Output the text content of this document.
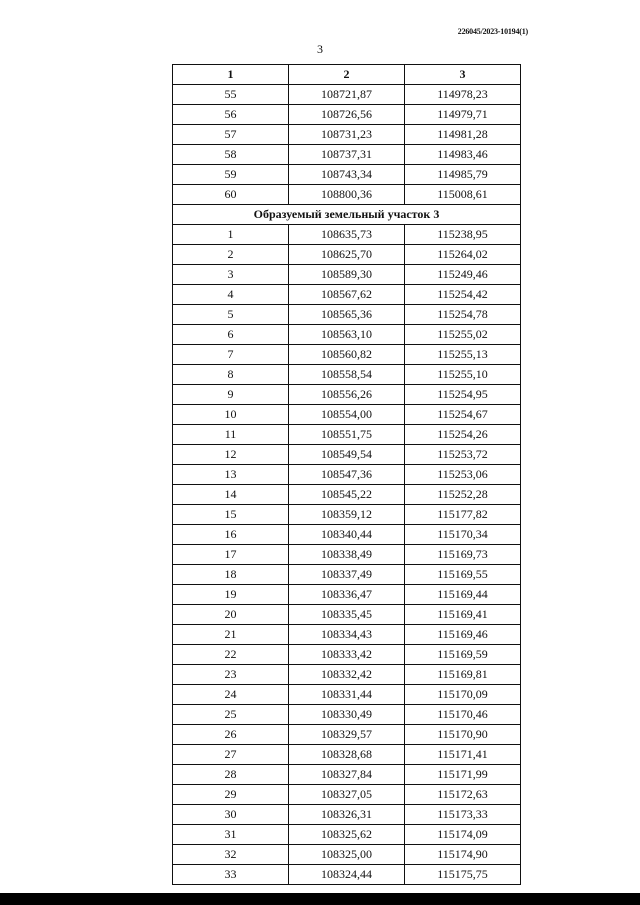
226045/2023-10194(1)
3
1	2	3
55	108721,87	114978,23
56	108726,56	114979,71
57	108731,23	114981,28
58	108737,31	114983,46
59	108743,34	114985,79
60	108800,36	115008,61
Образуемый земельный участок 3		
1	108635,73	115238,95
2	108625,70	115264,02
3	108589,30	115249,46
4	108567,62	115254,42
5	108565,36	115254,78
6	108563,10	115255,02
7	108560,82	115255,13
8	108558,54	115255,10
9	108556,26	115254,95
10	108554,00	115254,67
11	108551,75	115254,26
12	108549,54	115253,72
13	108547,36	115253,06
14	108545,22	115252,28
15	108359,12	115177,82
16	108340,44	115170,34
17	108338,49	115169,73
18	108337,49	115169,55
19	108336,47	115169,44
20	108335,45	115169,41
21	108334,43	115169,46
22	108333,42	115169,59
23	108332,42	115169,81
24	108331,44	115170,09
25	108330,49	115170,46
26	108329,57	115170,90
27	108328,68	115171,41
28	108327,84	115171,99
29	108327,05	115172,63
30	108326,31	115173,33
31	108325,62	115174,09
32	108325,00	115174,90
33	108324,44	115175,75
